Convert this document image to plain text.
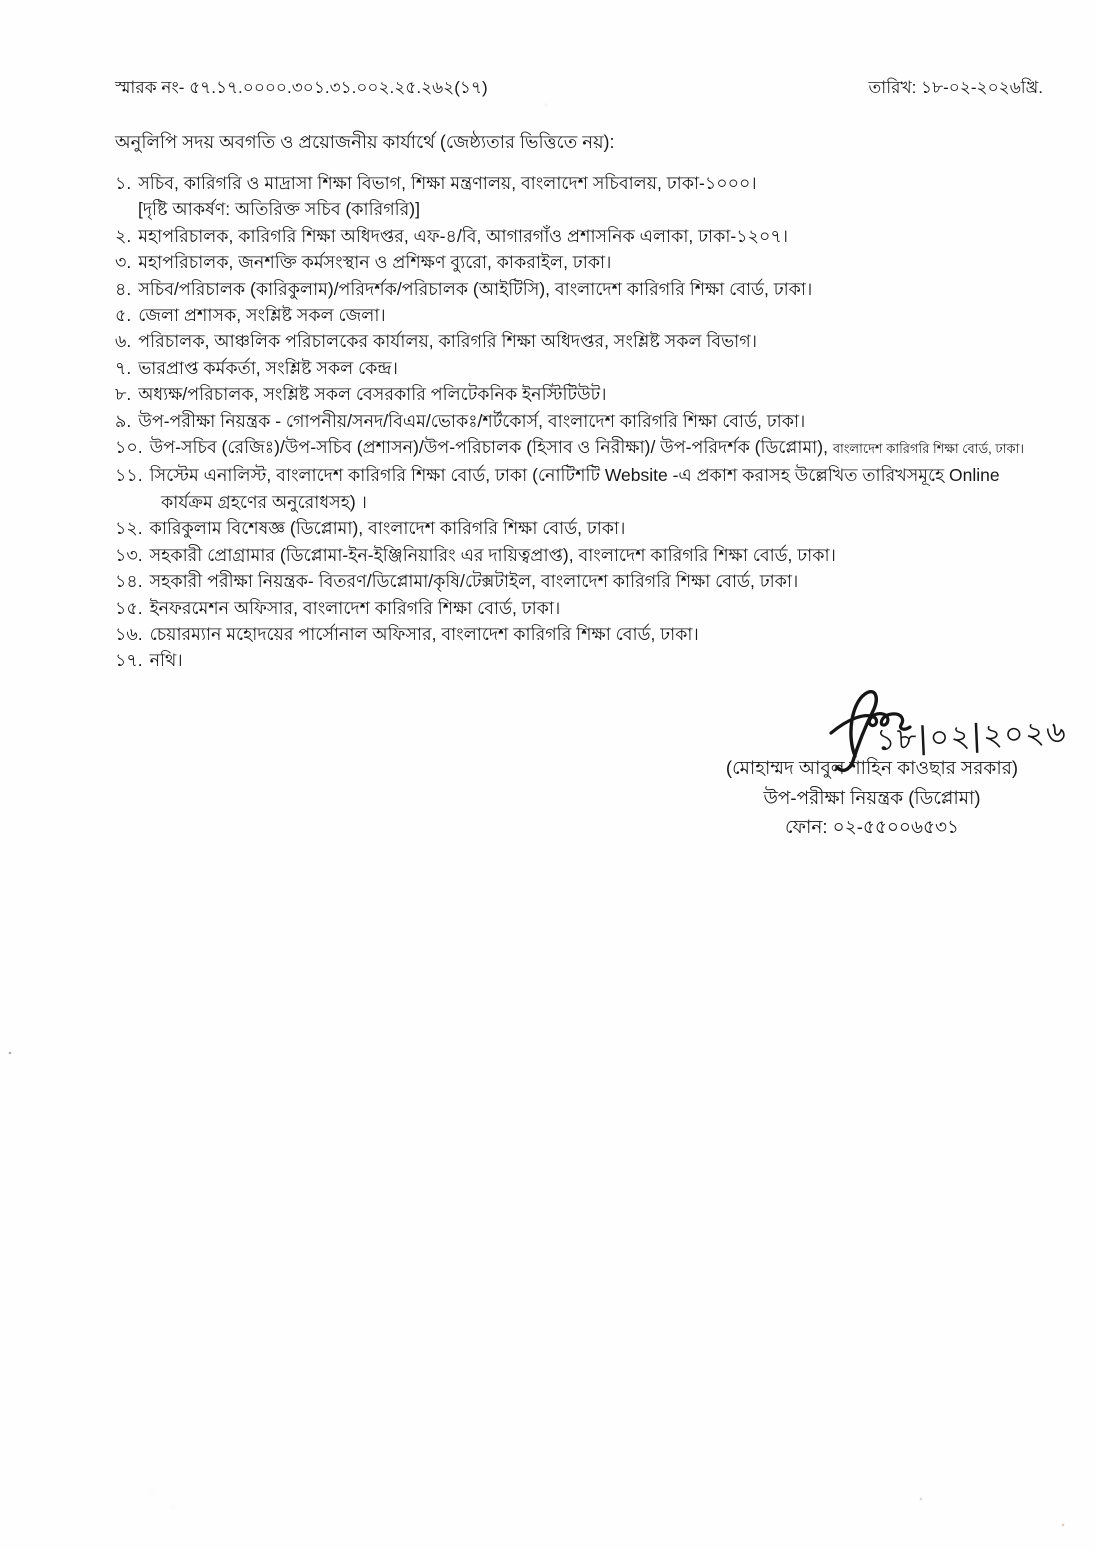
স্মারক নং- ৫৭.১৭.০০০০.৩০১.৩১.০০২.২৫.২৬২(১৭)	তারিখ: ১৮-০২-২০২৬খ্রি.
অনুলিপি সদয় অবগতি ও প্রয়োজনীয় কার্যার্থে (জেষ্ঠ্যতার ভিত্তিতে নয়):
১. সচিব, কারিগরি ও মাদ্রাসা শিক্ষা বিভাগ, শিক্ষা মন্ত্রণালয়, বাংলাদেশ সচিবালয়, ঢাকা-১০০০।
[দৃষ্টি আকর্ষণ: অতিরিক্ত সচিব (কারিগরি)]
২. মহাপরিচালক, কারিগরি শিক্ষা অধিদপ্তর, এফ-৪/বি, আগারগাঁও প্রশাসনিক এলাকা, ঢাকা-১২০৭।
৩. মহাপরিচালক, জনশক্তি কর্মসংস্থান ও প্রশিক্ষণ ব্যুরো, কাকরাইল, ঢাকা।
৪. সচিব/পরিচালক (কারিকুলাম)/পরিদর্শক/পরিচালক (আইটিসি), বাংলাদেশ কারিগরি শিক্ষা বোর্ড, ঢাকা।
৫. জেলা প্রশাসক, সংশ্লিষ্ট সকল জেলা।
৬. পরিচালক, আঞ্চলিক পরিচালকের কার্যালয়, কারিগরি শিক্ষা অধিদপ্তর, সংশ্লিষ্ট সকল বিভাগ।
৭. ভারপ্রাপ্ত কর্মকর্তা, সংশ্লিষ্ট সকল কেন্দ্র।
৮. অধ্যক্ষ/পরিচালক, সংশ্লিষ্ট সকল বেসরকারি পলিটেকনিক ইনস্টিটিউট।
৯. উপ-পরীক্ষা নিয়ন্ত্রক - গোপনীয়/সনদ/বিএম/ভোকঃ/শর্টকোর্স, বাংলাদেশ কারিগরি শিক্ষা বোর্ড, ঢাকা।
১০. উপ-সচিব (রেজিঃ)/উপ-সচিব (প্রশাসন)/উপ-পরিচালক (হিসাব ও নিরীক্ষা)/ উপ-পরিদর্শক (ডিপ্লোমা), বাংলাদেশ কারিগরি শিক্ষা বোর্ড, ঢাকা।
১১. সিস্টেম এনালিস্ট, বাংলাদেশ কারিগরি শিক্ষা বোর্ড, ঢাকা (নোটিশটি Website -এ প্রকাশ করাসহ উল্লেখিত তারিখসমূহে Online কার্যক্রম গ্রহণের অনুরোধসহ) ।
১২. কারিকুলাম বিশেষজ্ঞ (ডিপ্লোমা), বাংলাদেশ কারিগরি শিক্ষা বোর্ড, ঢাকা।
১৩. সহকারী প্রোগ্রামার (ডিপ্লোমা-ইন-ইঞ্জিনিয়ারিং এর দায়িত্বপ্রাপ্ত), বাংলাদেশ কারিগরি শিক্ষা বোর্ড, ঢাকা।
১৪. সহকারী পরীক্ষা নিয়ন্ত্রক- বিতরণ/ডিপ্লোমা/কৃষি/টেক্সটাইল, বাংলাদেশ কারিগরি শিক্ষা বোর্ড, ঢাকা।
১৫. ইনফরমেশন অফিসার, বাংলাদেশ কারিগরি শিক্ষা বোর্ড, ঢাকা।
১৬. চেয়ারম্যান মহোদয়ের পার্সোনাল অফিসার, বাংলাদেশ কারিগরি শিক্ষা বোর্ড, ঢাকা।
১৭. নথি।
১৮|০২|২০২৬
(মোহাম্মদ আবুল শাহিন কাওছার সরকার)
উপ-পরীক্ষা নিয়ন্ত্রক (ডিপ্লোমা)
ফোন: ০২-৫৫০০৬৫৩১
